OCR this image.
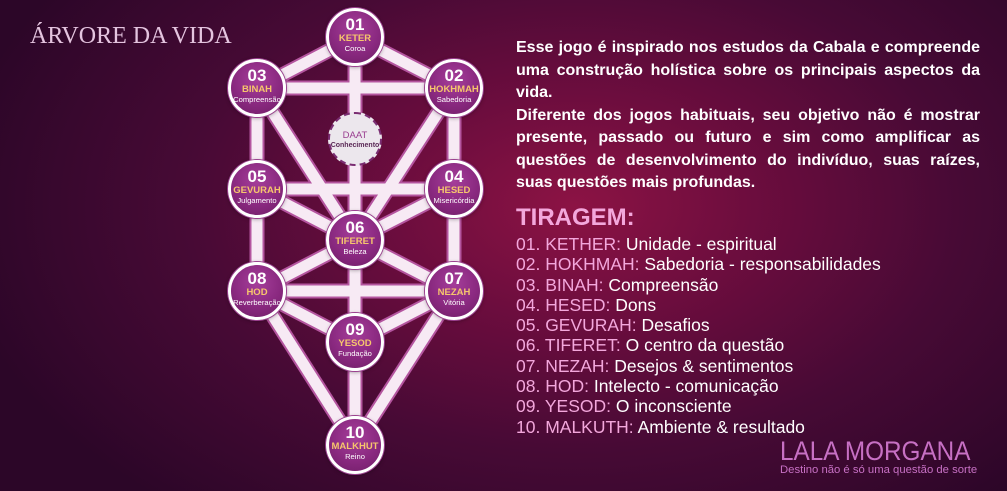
ÁRVORE DA VIDA	01
KETER
Coroa
02
HOKHMAH
Sabedoria
03
BINAH
Compreensão
DAAT
Conhecimento
04
HESED
Misericórdia
05
GEVURAH
Julgamento
06
TIFERET
Beleza
07
NEZAH
Vitória
08
HOD
Reverberação
09
YESOD
Fundação
10
MALKHUT
Reino

Esse jogo é inspirado nos estudos da Cabala e compreende uma construção holística sobre os principais aspectos da vida.

Diferente dos jogos habituais, seu objetivo não é mostrar presente, passado ou futuro e sim como amplificar as questões de desenvolvimento do indivíduo, suas raízes, suas questões mais profundas.

TIRAGEM:
01. KETHER: Unidade - espiritual
02. HOKHMAH: Sabedoria - responsabilidades
03. BINAH: Compreensão
04. HESED: Dons
05. GEVURAH: Desafios
06. TIFERET: O centro da questão
07. NEZAH: Desejos & sentimentos
08. HOD: Intelecto - comunicação
09. YESOD: O inconsciente
10. MALKUTH: Ambiente & resultado
LALA MORGANA
Destino não é só uma questão de sorte
